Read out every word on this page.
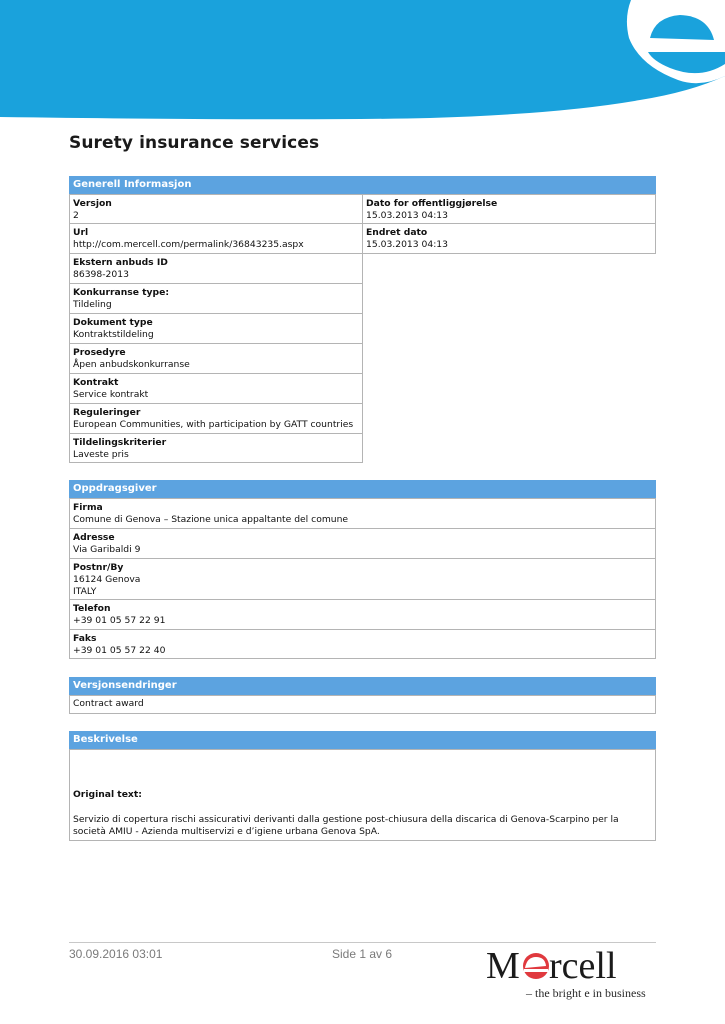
Surety insurance services
Generell Informasjon
Versjon
2
Dato for offentliggjørelse
15.03.2013 04:13
Url
http://com.mercell.com/permalink/36843235.aspx
Endret dato
15.03.2013 04:13
Ekstern anbuds ID
86398-2013
Konkurranse type:
Tildeling
Dokument type
Kontraktstildeling
Prosedyre
Åpen anbudskonkurranse
Kontrakt
Service kontrakt
Reguleringer
European Communities, with participation by GATT countries
Tildelingskriterier
Laveste pris
Oppdragsgiver
Firma
Comune di Genova – Stazione unica appaltante del comune
Adresse
Via Garibaldi 9
Postnr/By
16124 Genova
ITALY
Telefon
+39 01 05 57 22 91
Faks
+39 01 05 57 22 40
Versjonsendringer
Contract award
Beskrivelse
Original text:
Servizio di copertura rischi assicurativi derivanti dalla gestione post-chiusura della discarica di Genova-Scarpino per la società AMIU - Azienda multiservizi e d’igiene urbana Genova SpA.
30.09.2016 03:01	Side 1 av 6 M rcell
– the bright e in business
